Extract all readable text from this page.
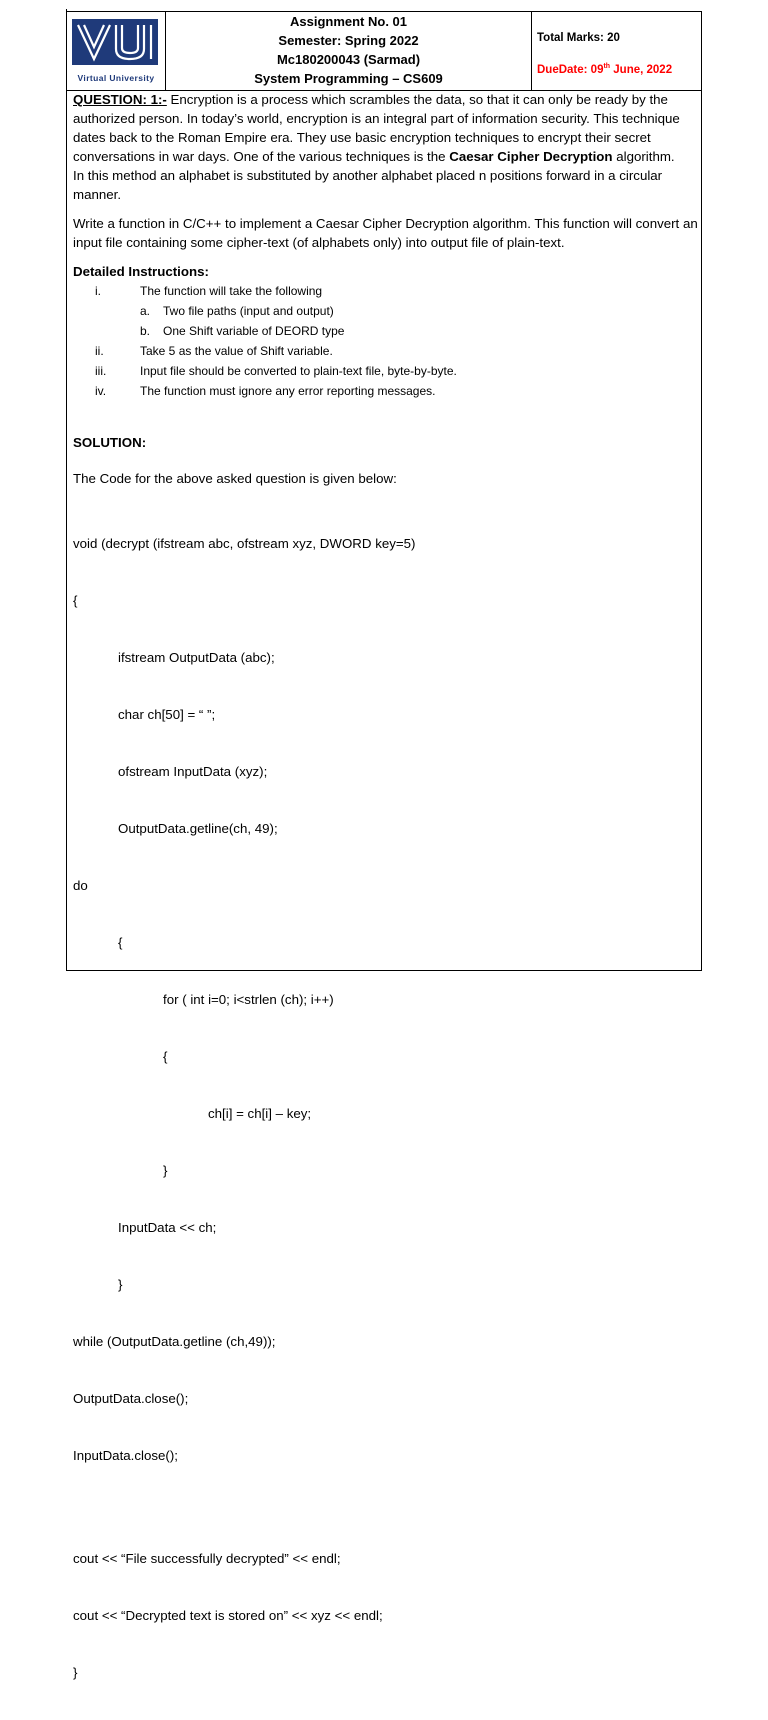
VU
Virtual University
Assignment No. 01
Semester: Spring 2022
Mc180200043 (Sarmad)
System Programming – CS609
Total Marks: 20
DueDate: 09th June, 2022

QUESTION: 1:- Encryption is a process which scrambles the data, so that it can only be ready by the authorized person. In today’s world, encryption is an integral part of information security. This technique dates back to the Roman Empire era. They use basic encryption techniques to encrypt their secret conversations in war days. One of the various techniques is the Caesar Cipher Decryption algorithm.

In this method an alphabet is substituted by another alphabet placed n positions forward in a circular manner.

Write a function in C/C++ to implement a Caesar Cipher Decryption algorithm. This function will convert an input file containing some cipher-text (of alphabets only) into output file of plain-text.

Detailed Instructions:

i.	The function will take the following
a. Two file paths (input and output)
b. One Shift variable of DEORD type
ii.	Take 5 as the value of Shift variable.
iii.	Input file should be converted to plain-text file, byte-by-byte.
iv.	The function must ignore any error reporting messages.

SOLUTION:

The Code for the above asked question is given below:

void (decrypt (ifstream abc, ofstream xyz, DWORD key=5)

{

ifstream OutputData (abc);

char ch[50] = “ ”;

ofstream InputData (xyz);

OutputData.getline(ch, 49);

do

{

for ( int i=0; i<strlen (ch); i++)

{

ch[i] = ch[i] – key;

}

InputData << ch;

}

while (OutputData.getline (ch,49));

OutputData.close();

InputData.close();

cout << “File successfully decrypted” << endl;

cout << “Decrypted text is stored on” << xyz << endl;

}
